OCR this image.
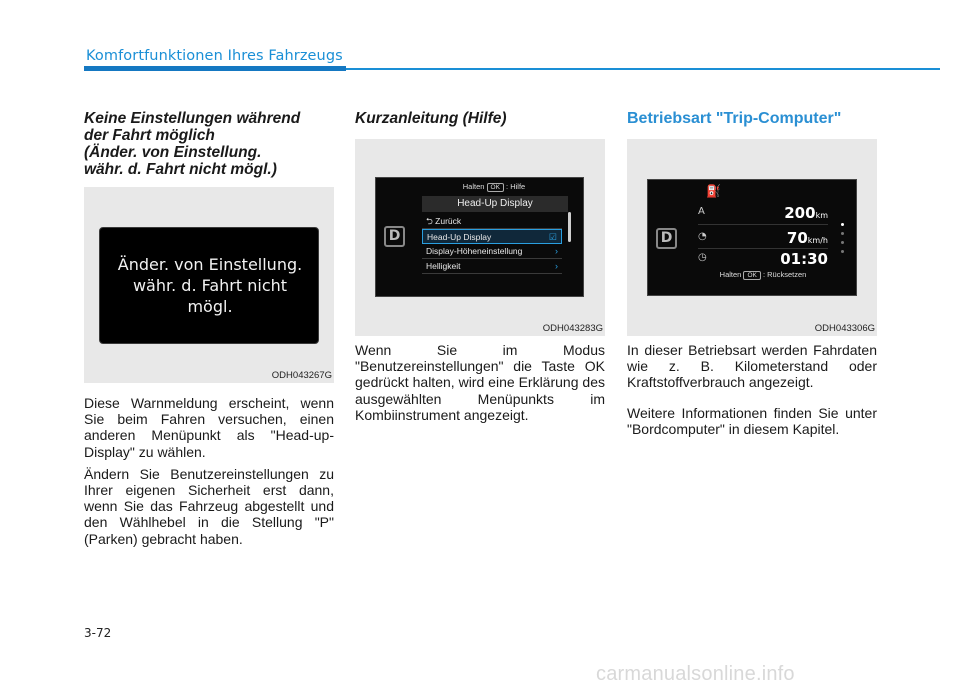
Komfortfunktionen Ihres Fahrzeugs
Keine Einstellungen während
der Fahrt möglich
(Änder. von Einstellung.
währ. d. Fahrt nicht mögl.)
Änder. von Einstellung.
währ. d. Fahrt nicht
mögl.
ODH043267G

Diese Warnmeldung erscheint, wenn Sie beim Fahren versuchen, einen anderen Menüpunkt als "Head-up-Display" zu wählen.

Ändern Sie Benutzereinstellungen zu Ihrer eigenen Sicherheit erst dann, wenn Sie das Fahrzeug abgestellt und den Wählhebel in die Stellung "P" (Parken) gebracht haben.

Kurzanleitung (Hilfe)
D
Halten OK : Hilfe
Head-Up Display
⮌ Zurück
Head-Up Display	☑
Display-Höheneinstellung	›
Helligkeit	›
ODH043283G

Wenn Sie im Modus "Benutzereinstellungen" die Taste OK gedrückt halten, wird eine Erklärung des ausgewählten Menüpunkts im Kombiinstrument angezeigt.

Betriebsart "Trip-Computer"
D
⛽
A	200km
◔	70km/h
◷	01:30
Halten OK : Rücksetzen
ODH043306G

In dieser Betriebsart werden Fahrdaten wie z. B. Kilometerstand oder Kraftstoffverbrauch angezeigt.

Weitere Informationen finden Sie unter "Bordcomputer" in diesem Kapitel.

3-72
carmanualsonline.info
